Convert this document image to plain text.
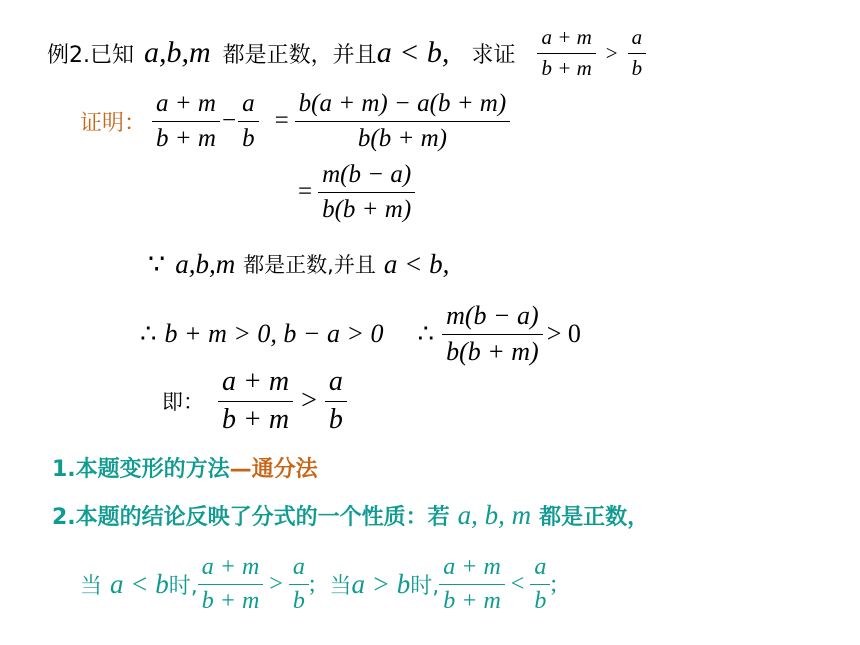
例2.已知 a,b,m 都是正数，并且 a < b, 求证 $\frac{a + m}{b + m} > \frac{a}{b}$
证明： $\frac{a + m}{b + m} - \frac{a}{b} = \frac{b(a + m) - a(b + m)}{b(b + m)}$
= $\frac{m(b - a)}{b(b + m)}$
∵ a,b,m 都是正数,并且 a < b,
∴ b + m > 0, b − a > 0 ∴ $\frac{m(b - a)}{b(b + m)} > 0$
即： $\frac{a + m}{b + m} > \frac{a}{b}$
1.本题变形的方法—通分法
2.本题的结论反映了分式的一个性质：若 a, b, m 都是正数，
当 a < b 时, $\frac{a + m}{b + m} > \frac{a}{b}$ ; 当 a > b 时, $\frac{a + m}{b + m} < \frac{a}{b}$ ;
